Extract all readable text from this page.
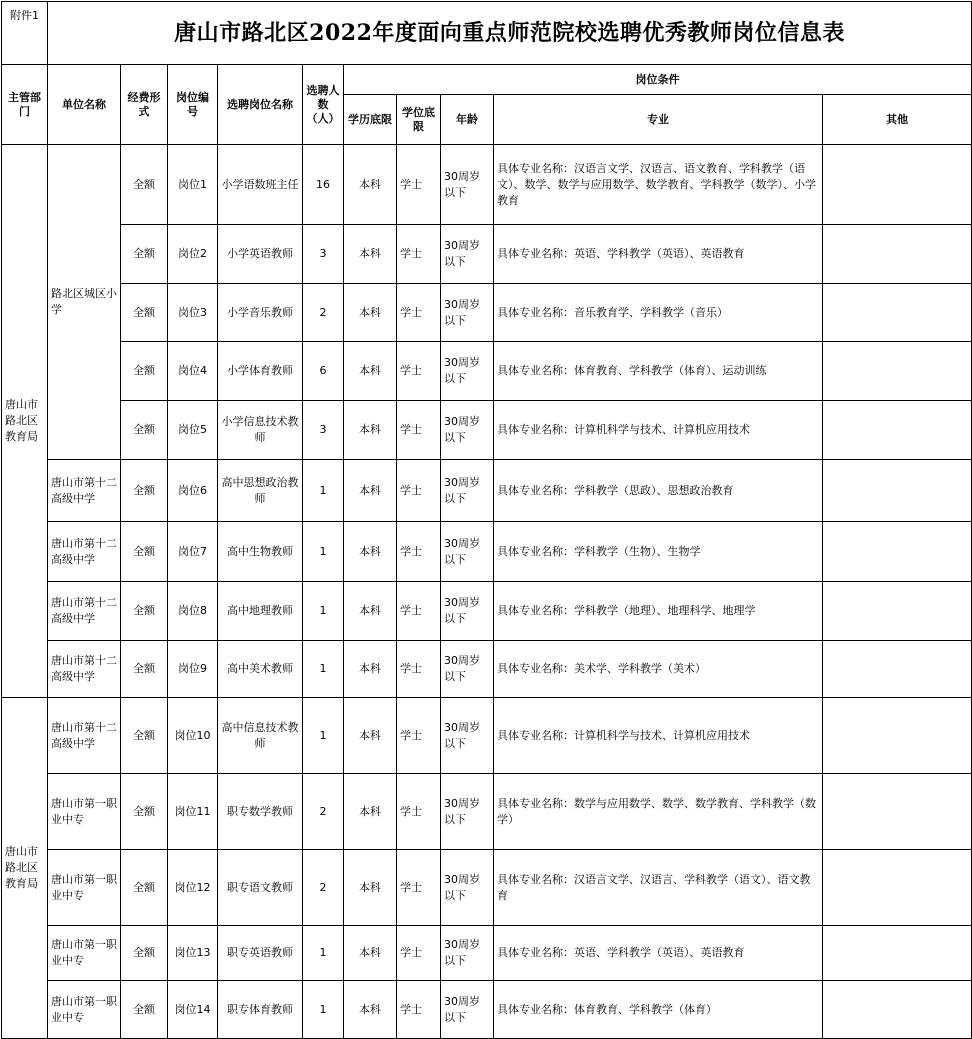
附件1	唐山市路北区2022年度面向重点师范院校选聘优秀教师岗位信息表									
主管部门	单位名称	经费形式	岗位编号	选聘岗位名称	选聘人数（人）	岗位条件				
						学历底限	学位底限	年龄	专业	其他
唐山市路北区教育局	路北区城区小学	全额	岗位1	小学语数班主任	16	本科	学士	30周岁以下	具体专业名称：汉语言文学、汉语言、语文教育、学科教学（语文）、数学、数学与应用数学、数学教育、学科教学（数学）、小学教育	
		全额	岗位2	小学英语教师	3	本科	学士	30周岁以下	具体专业名称：英语、学科教学（英语）、英语教育	
		全额	岗位3	小学音乐教师	2	本科	学士	30周岁以下	具体专业名称：音乐教育学、学科教学（音乐）	
		全额	岗位4	小学体育教师	6	本科	学士	30周岁以下	具体专业名称：体育教育、学科教学（体育）、运动训练	
		全额	岗位5	小学信息技术教师	3	本科	学士	30周岁以下	具体专业名称：计算机科学与技术、计算机应用技术	
	唐山市第十二高级中学	全额	岗位6	高中思想政治教师	1	本科	学士	30周岁以下	具体专业名称：学科教学（思政）、思想政治教育	
	唐山市第十二高级中学	全额	岗位7	高中生物教师	1	本科	学士	30周岁以下	具体专业名称：学科教学（生物）、生物学	
	唐山市第十二高级中学	全额	岗位8	高中地理教师	1	本科	学士	30周岁以下	具体专业名称：学科教学（地理）、地理科学、地理学	
	唐山市第十二高级中学	全额	岗位9	高中美术教师	1	本科	学士	30周岁以下	具体专业名称：美术学、学科教学（美术）	
唐山市路北区教育局	唐山市第十二高级中学	全额	岗位10	高中信息技术教师	1	本科	学士	30周岁以下	具体专业名称：计算机科学与技术、计算机应用技术	
	唐山市第一职业中专	全额	岗位11	职专数学教师	2	本科	学士	30周岁以下	具体专业名称：数学与应用数学、数学、数学教育、学科教学（数学）	
	唐山市第一职业中专	全额	岗位12	职专语文教师	2	本科	学士	30周岁以下	具体专业名称：汉语言文学、汉语言、学科教学（语文）、语文教育	
	唐山市第一职业中专	全额	岗位13	职专英语教师	1	本科	学士	30周岁以下	具体专业名称：英语、学科教学（英语）、英语教育	
	唐山市第一职业中专	全额	岗位14	职专体育教师	1	本科	学士	30周岁以下	具体专业名称：体育教育、学科教学（体育）	
